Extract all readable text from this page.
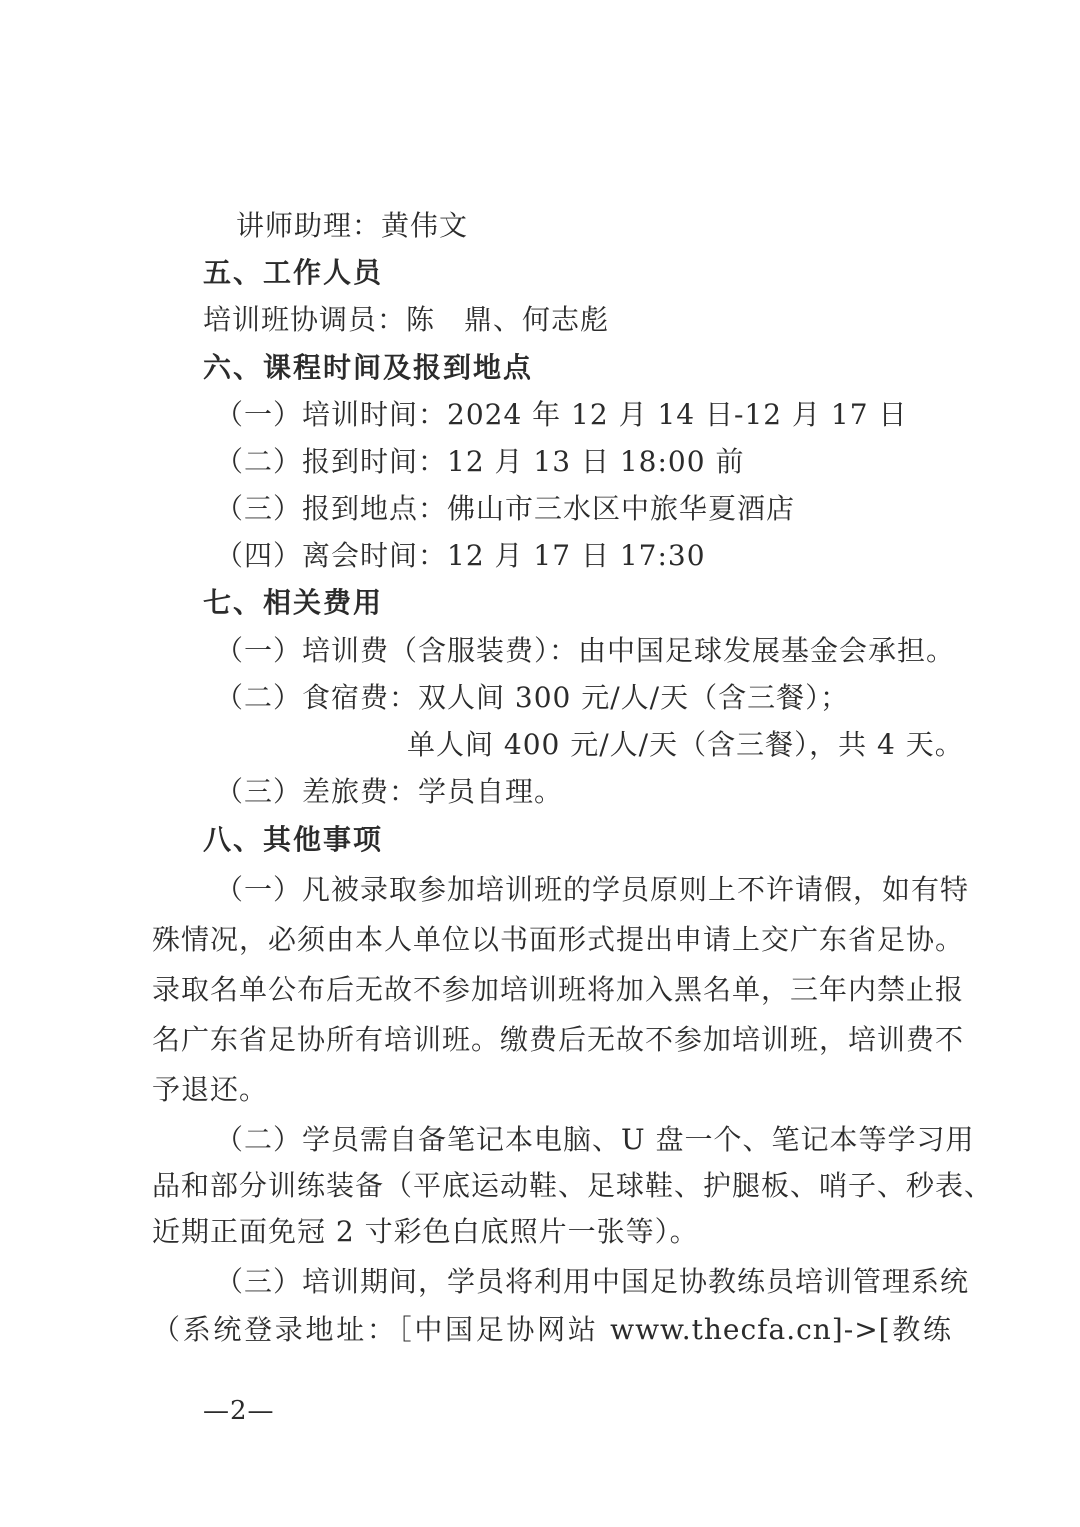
讲师助理：黄伟文
五、工作人员
培训班协调员：陈　鼎、何志彪
六、课程时间及报到地点
（一）培训时间：2024 年 12 月 14 日-12 月 17 日
（二）报到时间：12 月 13 日 18:00 前
（三）报到地点：佛山市三水区中旅华夏酒店
（四）离会时间：12 月 17 日 17:30
七、相关费用
（一）培训费（含服装费）：由中国足球发展基金会承担。
（二）食宿费：双人间 300 元/人/天（含三餐）；
单人间 400 元/人/天（含三餐），共 4 天。
（三）差旅费：学员自理。
八、其他事项
（一）凡被录取参加培训班的学员原则上不许请假，如有特
殊情况，必须由本人单位以书面形式提出申请上交广东省足协。
录取名单公布后无故不参加培训班将加入黑名单，三年内禁止报
名广东省足协所有培训班。缴费后无故不参加培训班，培训费不
予退还。
（二）学员需自备笔记本电脑、U 盘一个、笔记本等学习用
品和部分训练装备（平底运动鞋、足球鞋、护腿板、哨子、秒表、
近期正面免冠 2 寸彩色白底照片一张等）。
（三）培训期间，学员将利用中国足协教练员培训管理系统
（系统登录地址：［中国足协网站 www.thecfa.cn]->[教练
—2—
